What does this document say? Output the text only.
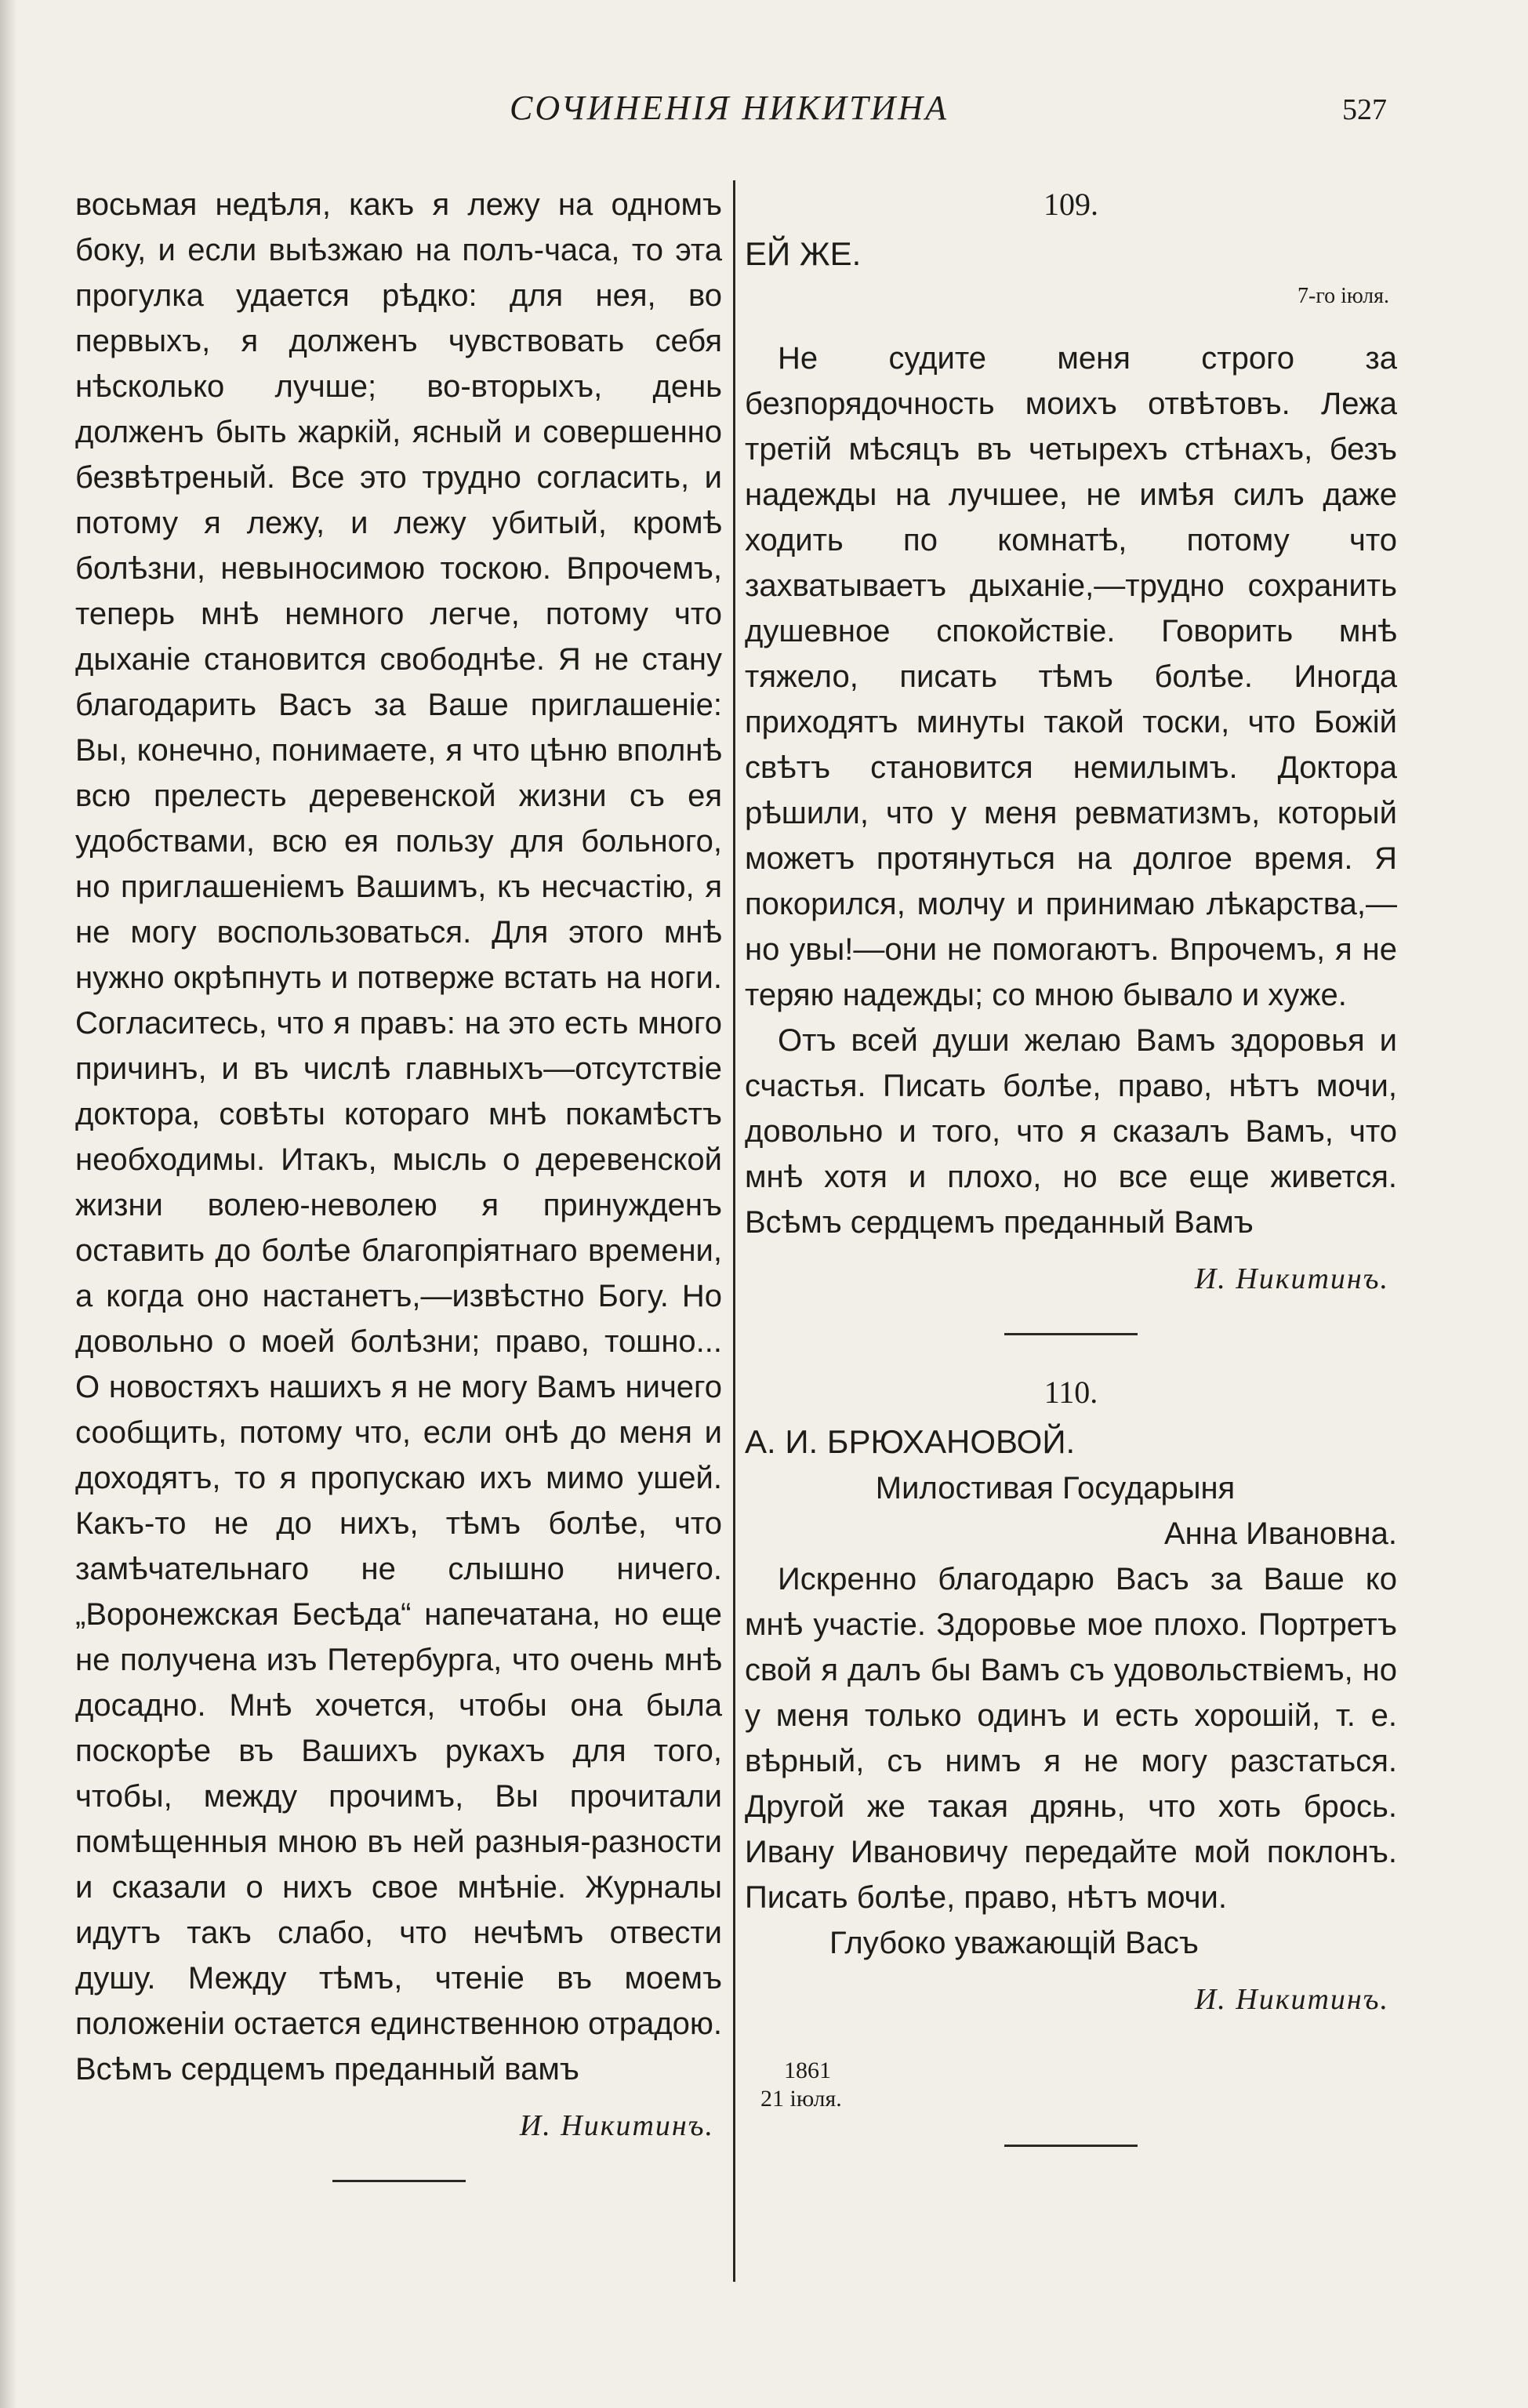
СОЧИНЕНІЯ НИКИТИНА	527

восьмая недѣля, какъ я лежу на одномъ боку, и если выѣзжаю на полъ-часа, то эта прогулка удается рѣдко: для нея, во первыхъ, я долженъ чувствовать себя нѣсколько лучше; во-вторыхъ, день долженъ быть жаркій, ясный и совершенно безвѣтреный. Все это трудно согласить, и потому я лежу, и лежу убитый, кромѣ болѣзни, невыносимою тоскою. Впрочемъ, теперь мнѣ немного легче, потому что дыханіе становится свободнѣе. Я не стану благодарить Васъ за Ваше приглашеніе: Вы, конечно, понимаете, я что цѣню вполнѣ всю прелесть деревенской жизни съ ея удобствами, всю ея пользу для больного, но приглашеніемъ Вашимъ, къ несчастію, я не могу воспользоваться. Для этого мнѣ нужно окрѣпнуть и потверже встать на ноги. Согласитесь, что я правъ: на это есть много причинъ, и въ числѣ главныхъ—отсутствіе доктора, совѣты котораго мнѣ покамѣстъ необходимы. Итакъ, мысль о деревенской жизни волею-неволею я принужденъ оставить до болѣе благопріятнаго времени, а когда оно настанетъ,—извѣстно Богу. Но довольно о моей болѣзни; право, тошно... О новостяхъ нашихъ я не могу Вамъ ничего сообщить, потому что, если онѣ до меня и доходятъ, то я пропускаю ихъ мимо ушей. Какъ-то не до нихъ, тѣмъ болѣе, что замѣчательнаго не слышно ничего. „Воронежская Бесѣда“ напечатана, но еще не получена изъ Петербурга, что очень мнѣ досадно. Мнѣ хочется, чтобы она была поскорѣе въ Вашихъ рукахъ для того, чтобы, между прочимъ, Вы прочитали помѣщенныя мною въ ней разныя-разности и сказали о нихъ свое мнѣніе. Журналы идутъ такъ слабо, что нечѣмъ отвести душу. Между тѣмъ, чтеніе въ моемъ положеніи остается единственною отрадою. Всѣмъ сердцемъ преданный вамъ

И. Никитинъ.

109.

ЕЙ ЖЕ.

7-го іюля.

Не судите меня строго за безпорядочность моихъ отвѣтовъ. Лежа третій мѣсяцъ въ четырехъ стѣнахъ, безъ надежды на лучшее, не имѣя силъ даже ходить по комнатѣ, потому что захватываетъ дыханіе,—трудно сохранить душевное спокойствіе. Говорить мнѣ тяжело, писать тѣмъ болѣе. Иногда приходятъ минуты такой тоски, что Божій свѣтъ становится немилымъ. Доктора рѣшили, что у меня ревматизмъ, который можетъ протянуться на долгое время. Я покорился, молчу и принимаю лѣкарства,—но увы!—они не помогаютъ. Впрочемъ, я не теряю надежды; со мною бывало и хуже.

Отъ всей души желаю Вамъ здоровья и счастья. Писать болѣе, право, нѣтъ мочи, довольно и того, что я сказалъ Вамъ, что мнѣ хотя и плохо, но все еще живется. Всѣмъ сердцемъ преданный Вамъ

И. Никитинъ.

110.

А. И. БРЮХАНОВОЙ.

Милостивая Государыня

Анна Ивановна.

Искренно благодарю Васъ за Ваше ко мнѣ участіе. Здоровье мое плохо. Портретъ свой я далъ бы Вамъ съ удовольствіемъ, но у меня только одинъ и есть хорошій, т. е. вѣрный, съ нимъ я не могу разстаться. Другой же такая дрянь, что хоть брось. Ивану Ивановичу передайте мой поклонъ. Писать болѣе, право, нѣтъ мочи.

Глубоко уважающій Васъ

И. Никитинъ.

1861
21 іюля.
